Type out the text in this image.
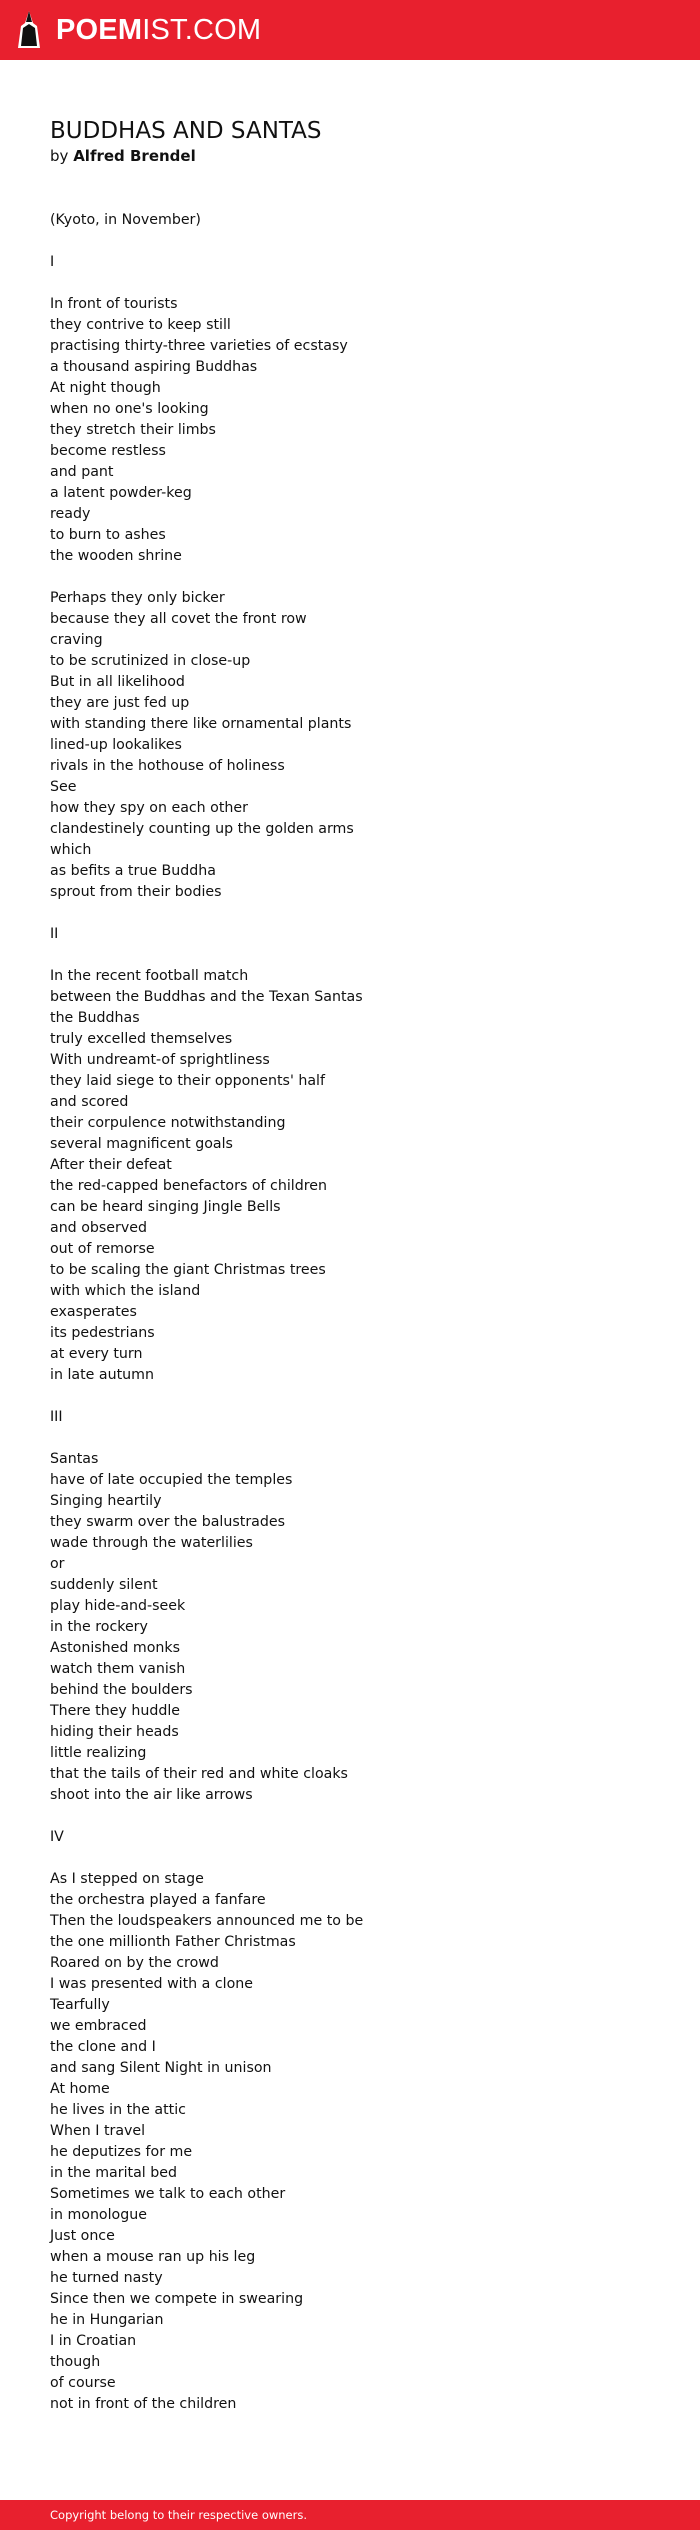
POEMIST.COM
BUDDHAS AND SANTAS
by Alfred Brendel
(Kyoto, in November)
I
In front of tourists
they contrive to keep still
practising thirty-three varieties of ecstasy
a thousand aspiring Buddhas
At night though
when no one's looking
they stretch their limbs
become restless
and pant
a latent powder-keg
ready
to burn to ashes
the wooden shrine
Perhaps they only bicker
because they all covet the front row
craving
to be scrutinized in close-up
But in all likelihood
they are just fed up
with standing there like ornamental plants
lined-up lookalikes
rivals in the hothouse of holiness
See
how they spy on each other
clandestinely counting up the golden arms
which
as befits a true Buddha
sprout from their bodies
II
In the recent football match
between the Buddhas and the Texan Santas
the Buddhas
truly excelled themselves
With undreamt-of sprightliness
they laid siege to their opponents' half
and scored
their corpulence notwithstanding
several magnificent goals
After their defeat
the red-capped benefactors of children
can be heard singing Jingle Bells
and observed
out of remorse
to be scaling the giant Christmas trees
with which the island
exasperates
its pedestrians
at every turn
in late autumn
III
Santas
have of late occupied the temples
Singing heartily
they swarm over the balustrades
wade through the waterlilies
or
suddenly silent
play hide-and-seek
in the rockery
Astonished monks
watch them vanish
behind the boulders
There they huddle
hiding their heads
little realizing
that the tails of their red and white cloaks
shoot into the air like arrows
IV
As I stepped on stage
the orchestra played a fanfare
Then the loudspeakers announced me to be
the one millionth Father Christmas
Roared on by the crowd
I was presented with a clone
Tearfully
we embraced
the clone and I
and sang Silent Night in unison
At home
he lives in the attic
When I travel
he deputizes for me
in the marital bed
Sometimes we talk to each other
in monologue
Just once
when a mouse ran up his leg
he turned nasty
Since then we compete in swearing
he in Hungarian
I in Croatian
though
of course
not in front of the children
Copyright belong to their respective owners.
